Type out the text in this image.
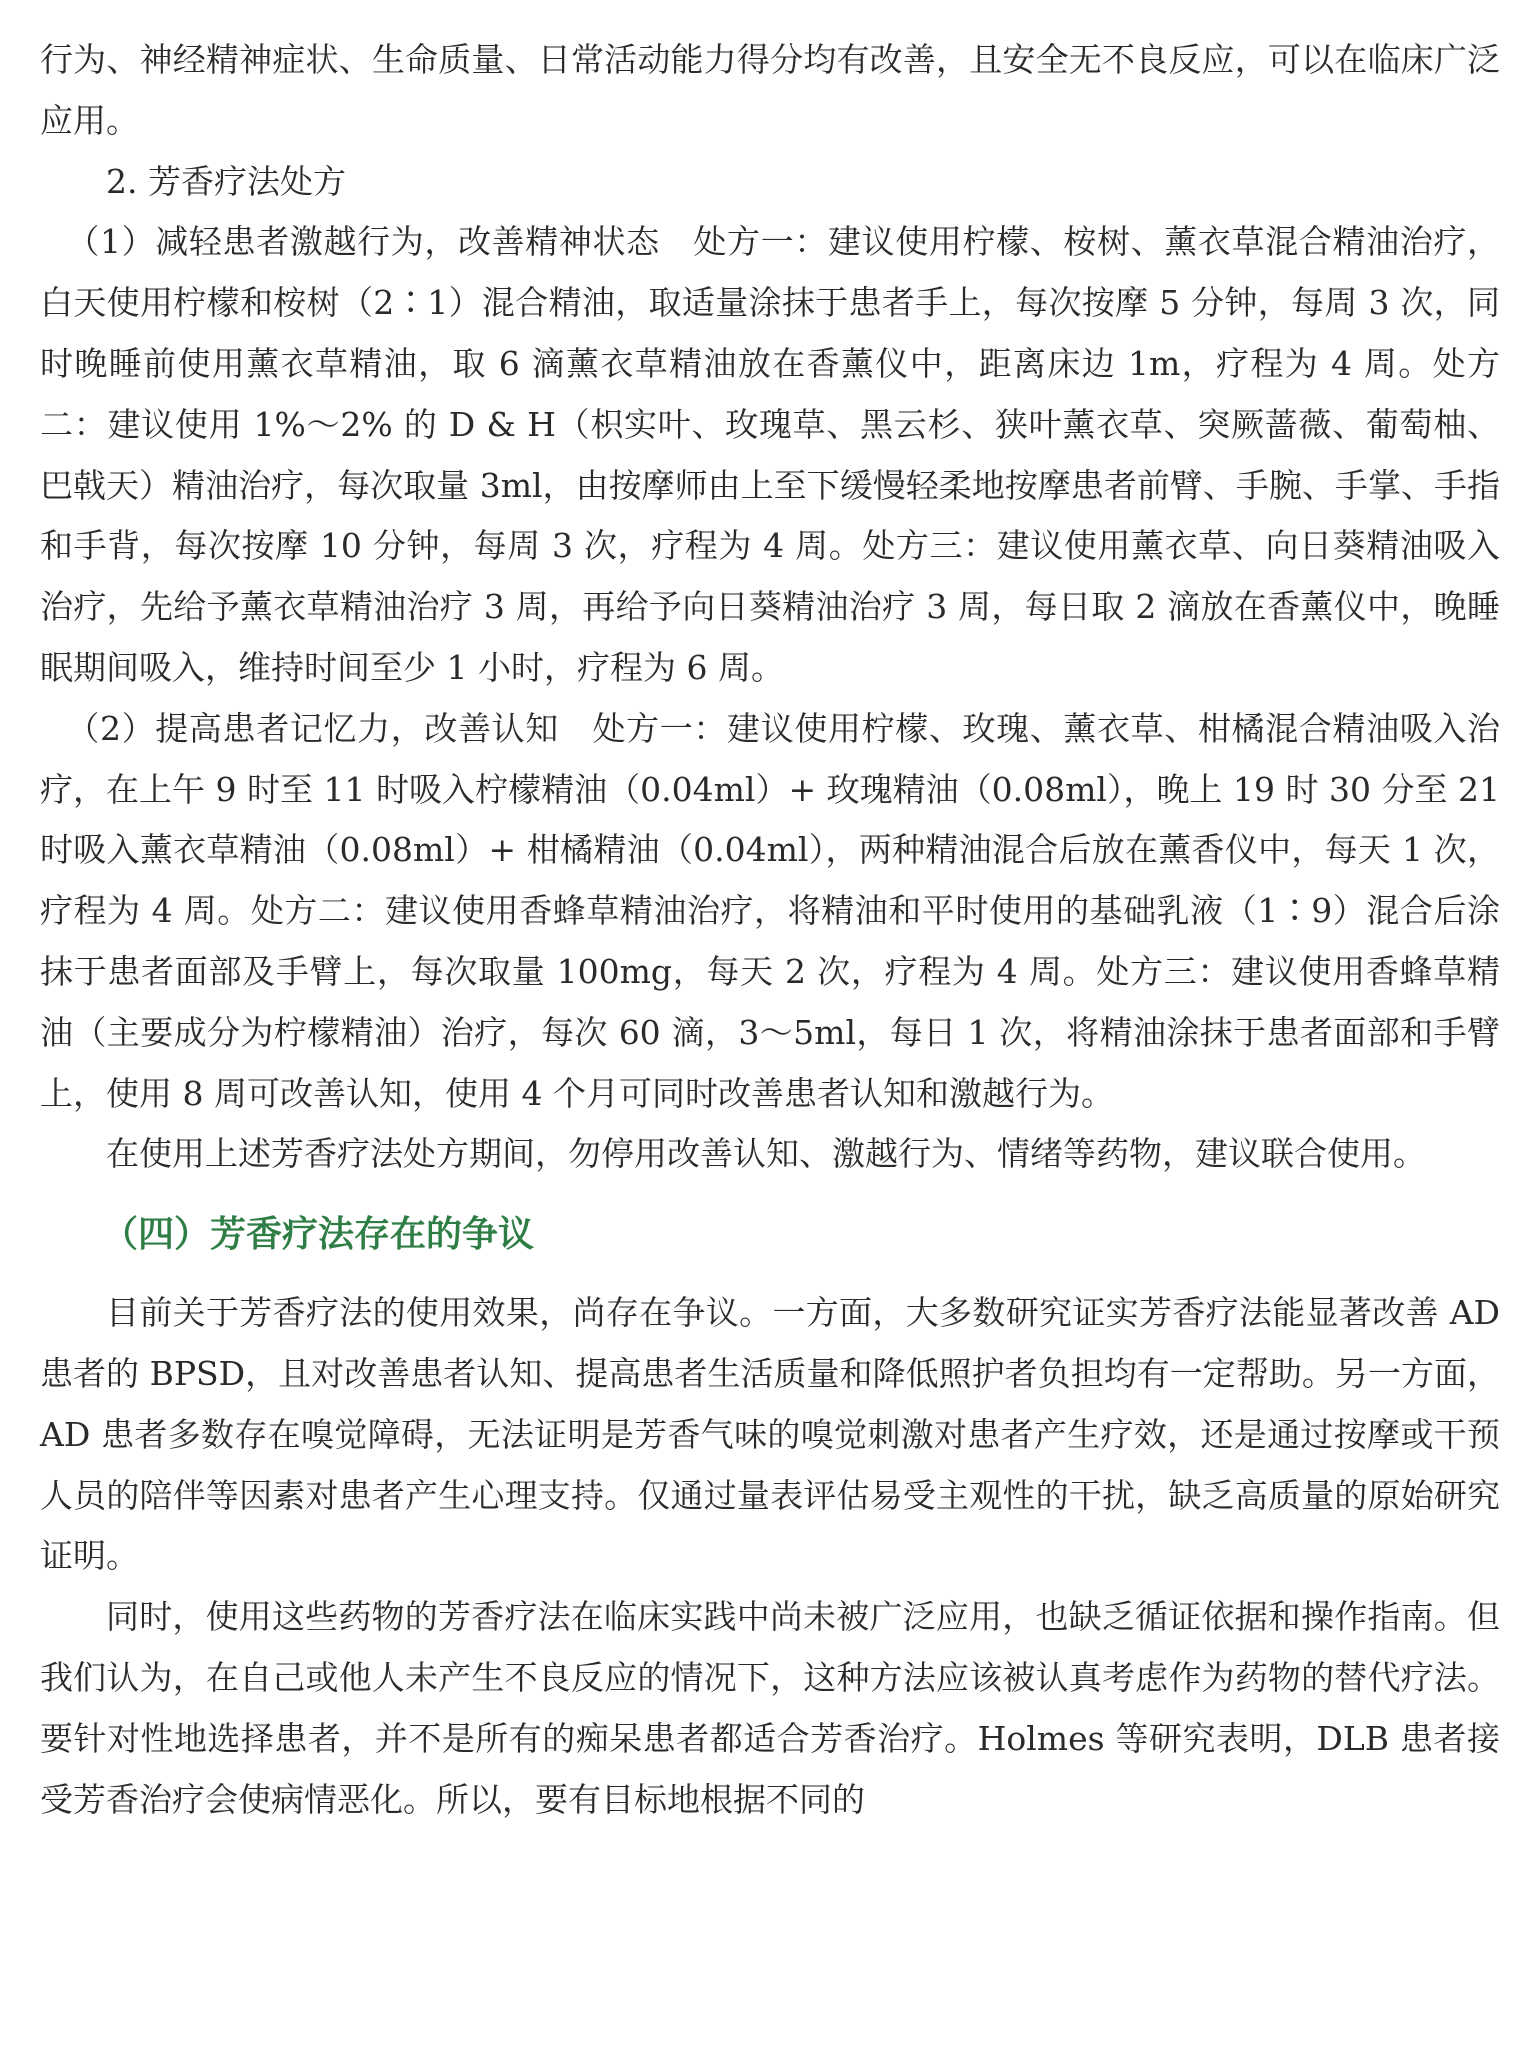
行为、神经精神症状、生命质量、日常活动能力得分均有改善，且安全无不良反应，可以在临床广泛应用。

2. 芳香疗法处方

（1）减轻患者激越行为，改善精神状态　处方一：建议使用柠檬、桉树、薰衣草混合精油治疗，白天使用柠檬和桉树（2∶1）混合精油，取适量涂抹于患者手上，每次按摩 5 分钟，每周 3 次，同时晚睡前使用薰衣草精油，取 6 滴薰衣草精油放在香薰仪中，距离床边 1m，疗程为 4 周。处方二：建议使用 1%～2% 的 D & H（枳实叶、玫瑰草、黑云杉、狭叶薰衣草、突厥蔷薇、葡萄柚、巴戟天）精油治疗，每次取量 3ml，由按摩师由上至下缓慢轻柔地按摩患者前臂、手腕、手掌、手指和手背，每次按摩 10 分钟，每周 3 次，疗程为 4 周。处方三：建议使用薰衣草、向日葵精油吸入治疗，先给予薰衣草精油治疗 3 周，再给予向日葵精油治疗 3 周，每日取 2 滴放在香薰仪中，晚睡眠期间吸入，维持时间至少 1 小时，疗程为 6 周。

（2）提高患者记忆力，改善认知　处方一：建议使用柠檬、玫瑰、薰衣草、柑橘混合精油吸入治疗，在上午 9 时至 11 时吸入柠檬精油（0.04ml）+ 玫瑰精油（0.08ml），晚上 19 时 30 分至 21 时吸入薰衣草精油（0.08ml）+ 柑橘精油（0.04ml），两种精油混合后放在薰香仪中，每天 1 次，疗程为 4 周。处方二：建议使用香蜂草精油治疗，将精油和平时使用的基础乳液（1∶9）混合后涂抹于患者面部及手臂上，每次取量 100mg，每天 2 次，疗程为 4 周。处方三：建议使用香蜂草精油（主要成分为柠檬精油）治疗，每次 60 滴，3～5ml，每日 1 次，将精油涂抹于患者面部和手臂上，使用 8 周可改善认知，使用 4 个月可同时改善患者认知和激越行为。

在使用上述芳香疗法处方期间，勿停用改善认知、激越行为、情绪等药物，建议联合使用。

（四）芳香疗法存在的争议

目前关于芳香疗法的使用效果，尚存在争议。一方面，大多数研究证实芳香疗法能显著改善 AD 患者的 BPSD，且对改善患者认知、提高患者生活质量和降低照护者负担均有一定帮助。另一方面，AD 患者多数存在嗅觉障碍，无法证明是芳香气味的嗅觉刺激对患者产生疗效，还是通过按摩或干预人员的陪伴等因素对患者产生心理支持。仅通过量表评估易受主观性的干扰，缺乏高质量的原始研究证明。

同时，使用这些药物的芳香疗法在临床实践中尚未被广泛应用，也缺乏循证依据和操作指南。但我们认为，在自己或他人未产生不良反应的情况下，这种方法应该被认真考虑作为药物的替代疗法。要针对性地选择患者，并不是所有的痴呆患者都适合芳香治疗。Holmes 等研究表明，DLB 患者接受芳香治疗会使病情恶化。所以，要有目标地根据不同的
